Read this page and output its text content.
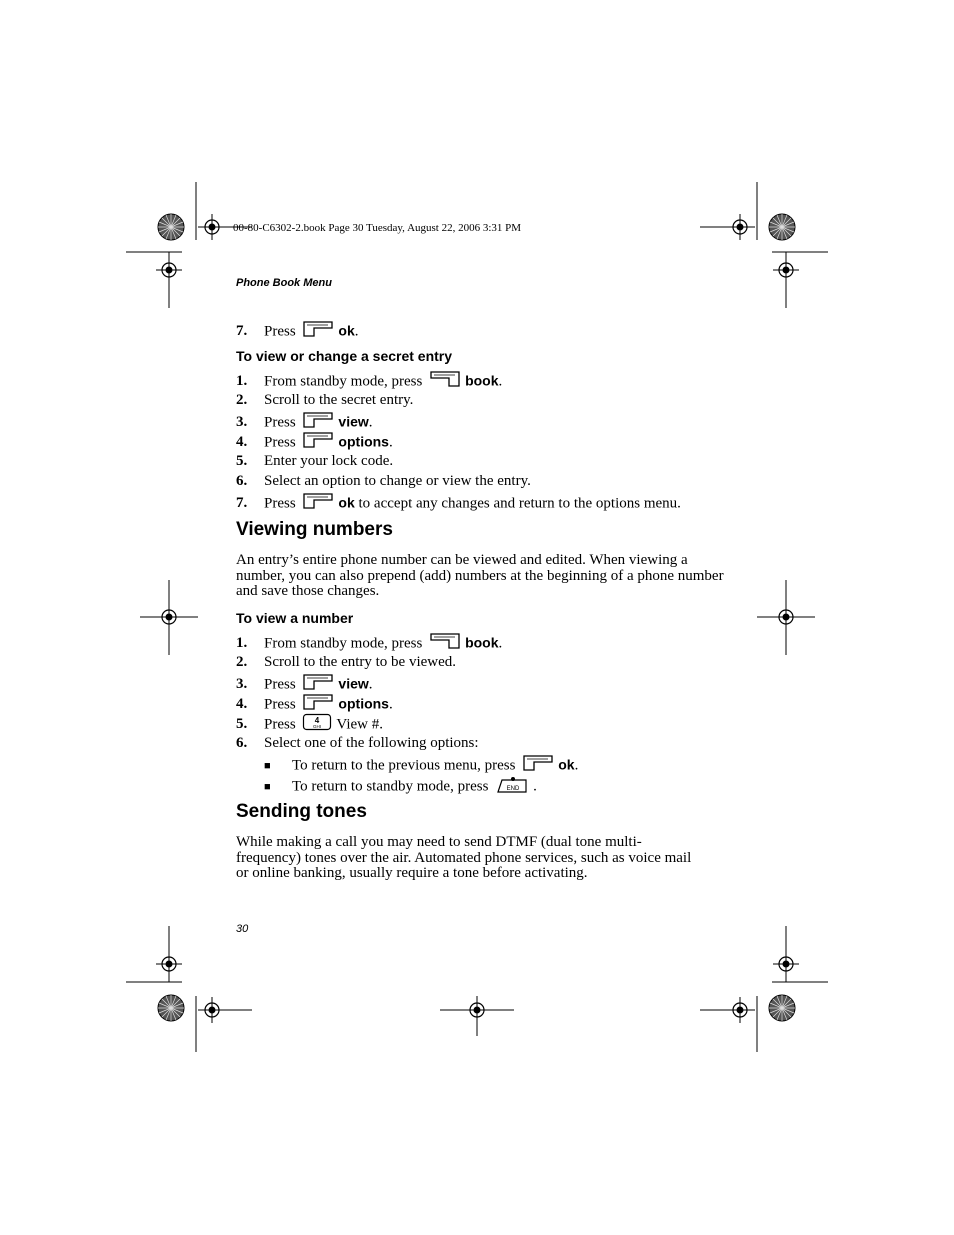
00-80-C6302-2.book Page 30 Tuesday, August 22, 2006 3:31 PM
Phone Book Menu
7. Press	ok.
To view or change a secret entry
1. From standby mode, press	book.
2. Scroll to the secret entry.
3. Press	view.
4. Press	options.
5. Enter your lock code.
6. Select an option to change or view the entry.
7. Press	ok to accept any changes and return to the options menu.
Viewing numbers
An entry’s entire phone number can be viewed and edited. When viewing a number, you can also prepend (add) numbers at the beginning of a phone number and save those changes.
To view a number
1. From standby mode, press	book.
2. Scroll to the entry to be viewed.
3. Press	view.
4. Press	options.
5. Press 4
GHI View #.
6. Select one of the following options:
■ To return to the previous menu, press	ok.
■ To return to standby mode, press	END .
Sending tones
While making a call you may need to send DTMF (dual tone multi-frequency) tones over the air. Automated phone services, such as voice mail or online banking, usually require a tone before activating.
30
